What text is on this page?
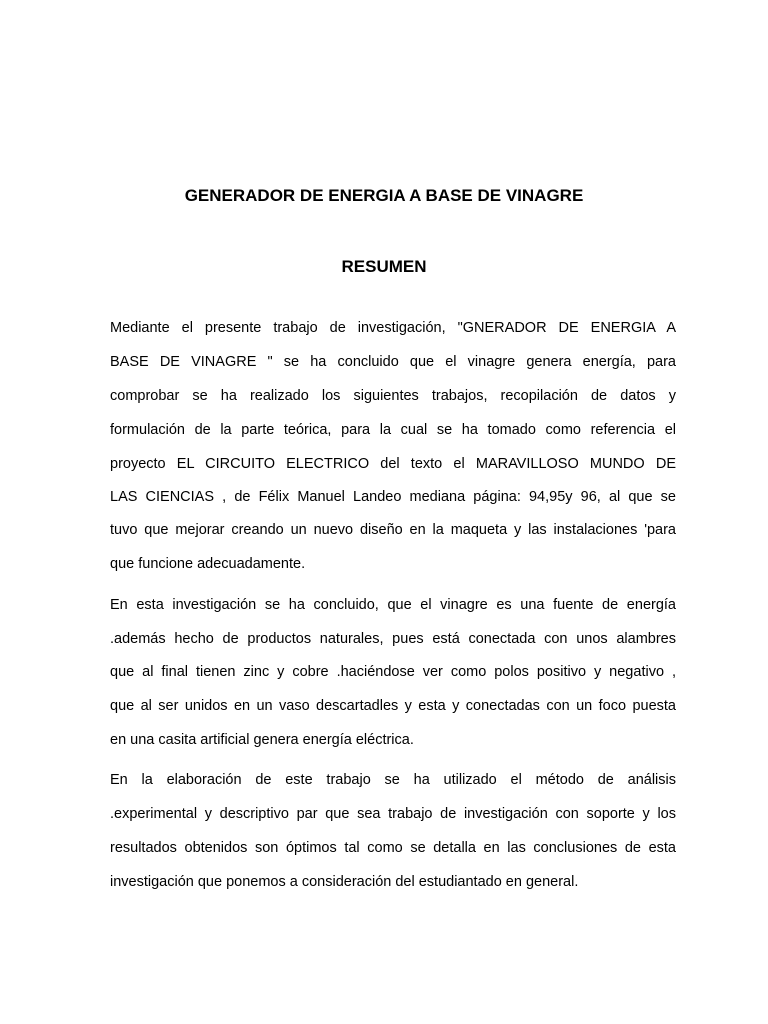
GENERADOR DE ENERGIA A BASE DE VINAGRE
RESUMEN
Mediante el presente trabajo de investigación, "GNERADOR DE ENERGIA A
BASE DE VINAGRE " se ha concluido que el vinagre genera energía, para
comprobar se ha realizado los siguientes trabajos, recopilación de datos y
formulación de la parte teórica, para la cual se ha tomado como referencia el
proyecto EL CIRCUITO ELECTRICO del texto el MARAVILLOSO MUNDO DE
LAS CIENCIAS , de Félix Manuel Landeo mediana página: 94,95y 96, al que se
tuvo que mejorar creando un nuevo diseño en la maqueta y las instalaciones 'para
que funcione adecuadamente.
En esta investigación se ha concluido, que el vinagre es una fuente de energía
.además hecho de productos naturales, pues está conectada con unos alambres
que al final tienen zinc y cobre .haciéndose ver como polos positivo y negativo ,
que al ser unidos en un vaso descartadles y esta y conectadas con un foco puesta
en una casita artificial genera energía eléctrica.
En la elaboración de este trabajo se ha utilizado el método de análisis
.experimental y descriptivo par que sea trabajo de investigación con soporte y los
resultados obtenidos son óptimos tal como se detalla en las conclusiones de esta
investigación que ponemos a consideración del estudiantado en general.
